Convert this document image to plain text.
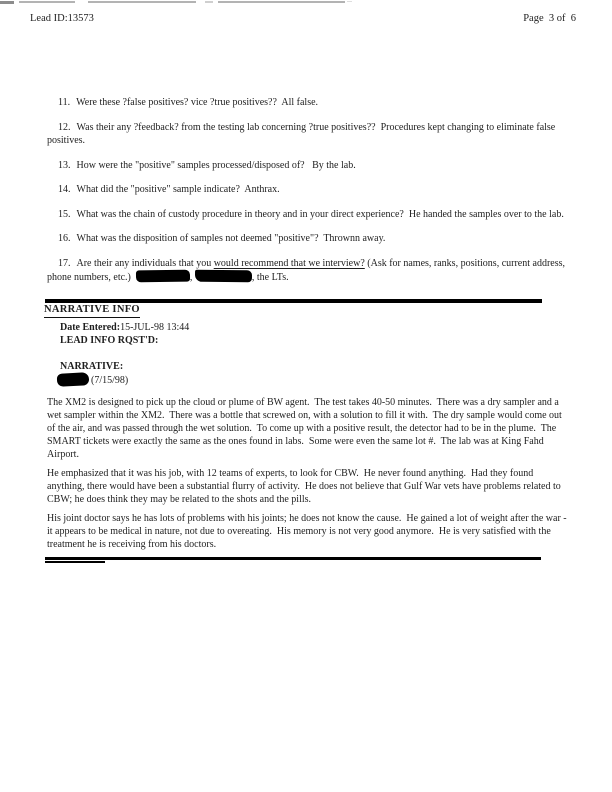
Lead ID:13573	Page  3 of  6
11. Were these ?false positives? vice ?true positives??  All false.
12. Was their any ?feedback? from the testing lab concerning ?true positives??  Procedures kept changing to eliminate false positives.
13. How were the "positive" samples processed/disposed of?   By the lab.
14. What did the "positive" sample indicate?  Anthrax.
15. What was the chain of custody procedure in theory and in your direct experience?  He handed the samples over to the lab.
16. What was the disposition of samples not deemed "positive"?  Thrownn away.
17. Are their any individuals that you would recommend that we interview? (Ask for names, ranks, positions, current address, phone numbers, etc.)	,	, the LTs.
NARRATIVE INFO
Date Entered:15-JUL-98 13:44
LEAD INFO RQST'D:
NARRATIVE:
(7/15/98)
The XM2 is designed to pick up the cloud or plume of BW agent.  The test takes 40-50 minutes.  There was a dry sampler and a wet sampler within the XM2.  There was a bottle that screwed on, with a solution to fill it with.  The dry sample would come out of the air, and was passed through the wet solution.  To come up with a positive result, the detector had to be in the plume.  The SMART tickets were exactly the same as the ones found in labs.  Some were even the same lot #.  The lab was at King Fahd Airport.
He emphasized that it was his job, with 12 teams of experts, to look for CBW.  He never found anything.  Had they found anything, there would have been a substantial flurry of activity.  He does not believe that Gulf War vets have problems related to CBW; he does think they may be related to the shots and the pills.
His joint doctor says he has lots of problems with his joints; he does not know the cause.  He gained a lot of weight after the war - it appears to be medical in nature, not due to overeating.  His memory is not very good anymore.  He is very satisfied with the treatment he is receiving from his doctors.
